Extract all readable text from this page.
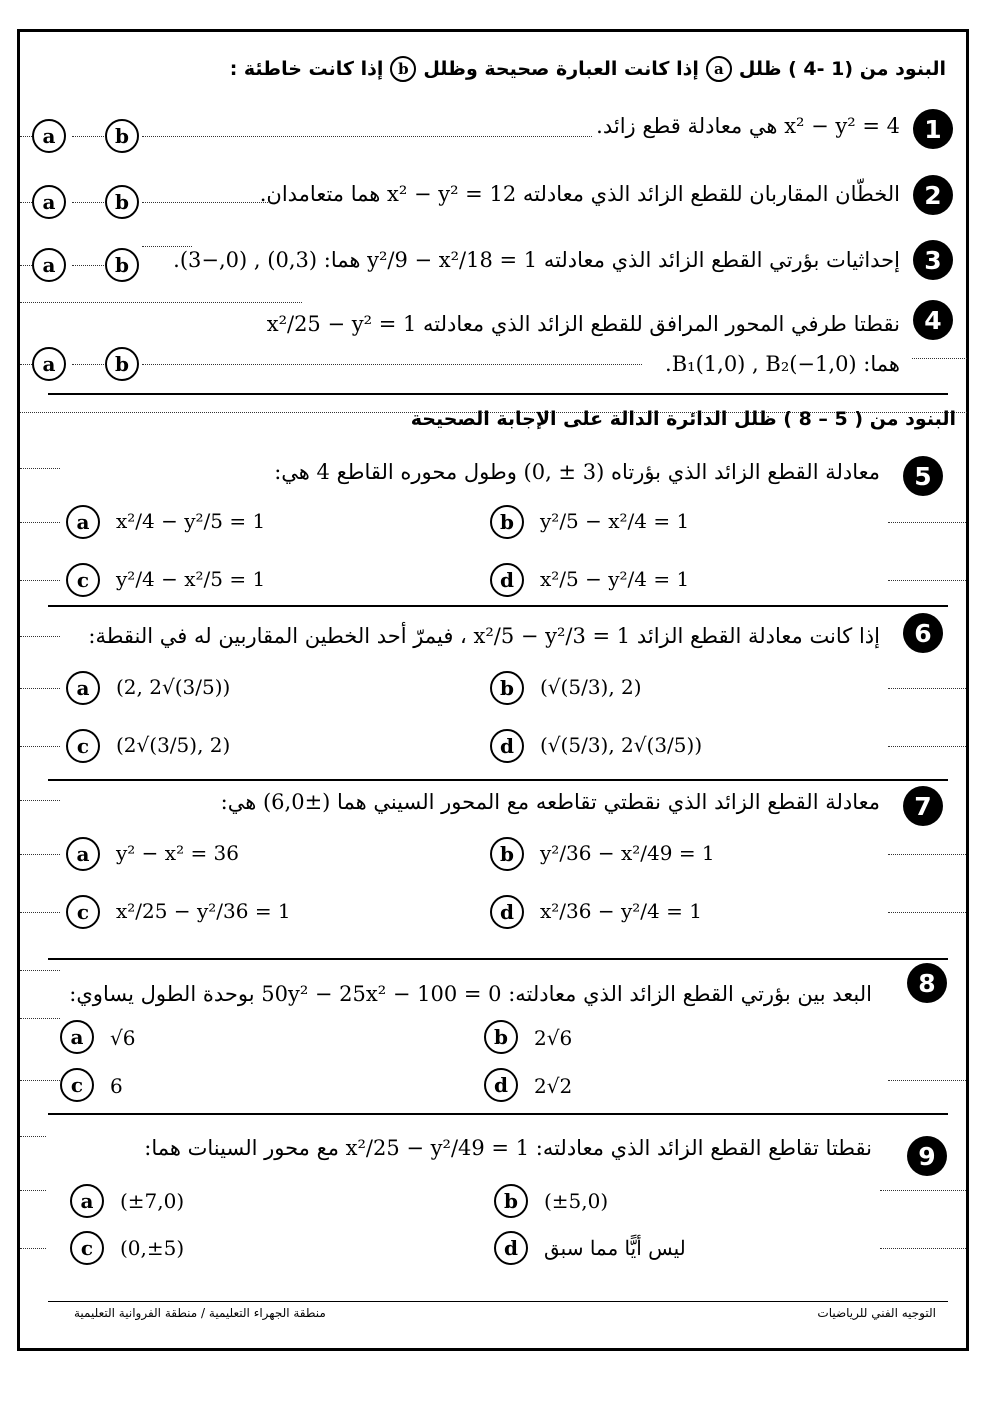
البنود من (1 -4 ) ظلل
a
إذا كانت العبارة صحيحة وظلل
b
إذا كانت خاطئة :
1
x² − y² = 4 هي معادلة قطع زائد.
a	b
2
الخطّان المقاربان للقطع الزائد الذي معادلته x² − y² = 12 هما متعامدان.
a	b
3
إحداثيات بؤرتي القطع الزائد الذي معادلته y²/9 − x²/18 = 1 هما: (0,3) , (0,−3).
a	b
4
نقطتا طرفي المحور المرافق للقطع الزائد الذي معادلته x²/25 − y² = 1
هما: B₁(1,0) , B₂(−1,0).
a	b
البنود من ( 5 – 8 ) ظلل الدائرة الدالة على الإجابة الصحيحة
5
معادلة القطع الزائد الذي بؤرتاه (3 ± ,0) وطول محوره القاطع 4 هي:
a	x²/4 − y²/5 = 1	b	y²/5 − x²/4 = 1
c	y²/4 − x²/5 = 1	d	x²/5 − y²/4 = 1
6
إذا كانت معادلة القطع الزائد x²/5 − y²/3 = 1 ، فيمرّ أحد الخطين المقاربين له في النقطة:
a	(2, 2√(3/5))	b	(√(5/3), 2)
c	(2√(3/5), 2)	d	(√(5/3), 2√(3/5))
7
معادلة القطع الزائد الذي نقطتي تقاطعه مع المحور السيني هما (±6,0) هي:
a	y² − x² = 36	b	y²/36 − x²/49 = 1
c	x²/25 − y²/36 = 1	d	x²/36 − y²/4 = 1
8
البعد بين بؤرتي القطع الزائد الذي معادلته: 50y² − 25x² − 100 = 0 بوحدة الطول يساوي:
a	√6	b	2√6
c	6	d	2√2
9
نقطتا تقاطع القطع الزائد الذي معادلته: x²/25 − y²/49 = 1 مع محور السينات هما:
a	(±7,0)	b	(±5,0)
c	(0,±5)	d	ليس أيًّا مما سبق
التوجيه الفني للرياضيات
منطقة الجهراء التعليمية / منطقة الفروانية التعليمية
